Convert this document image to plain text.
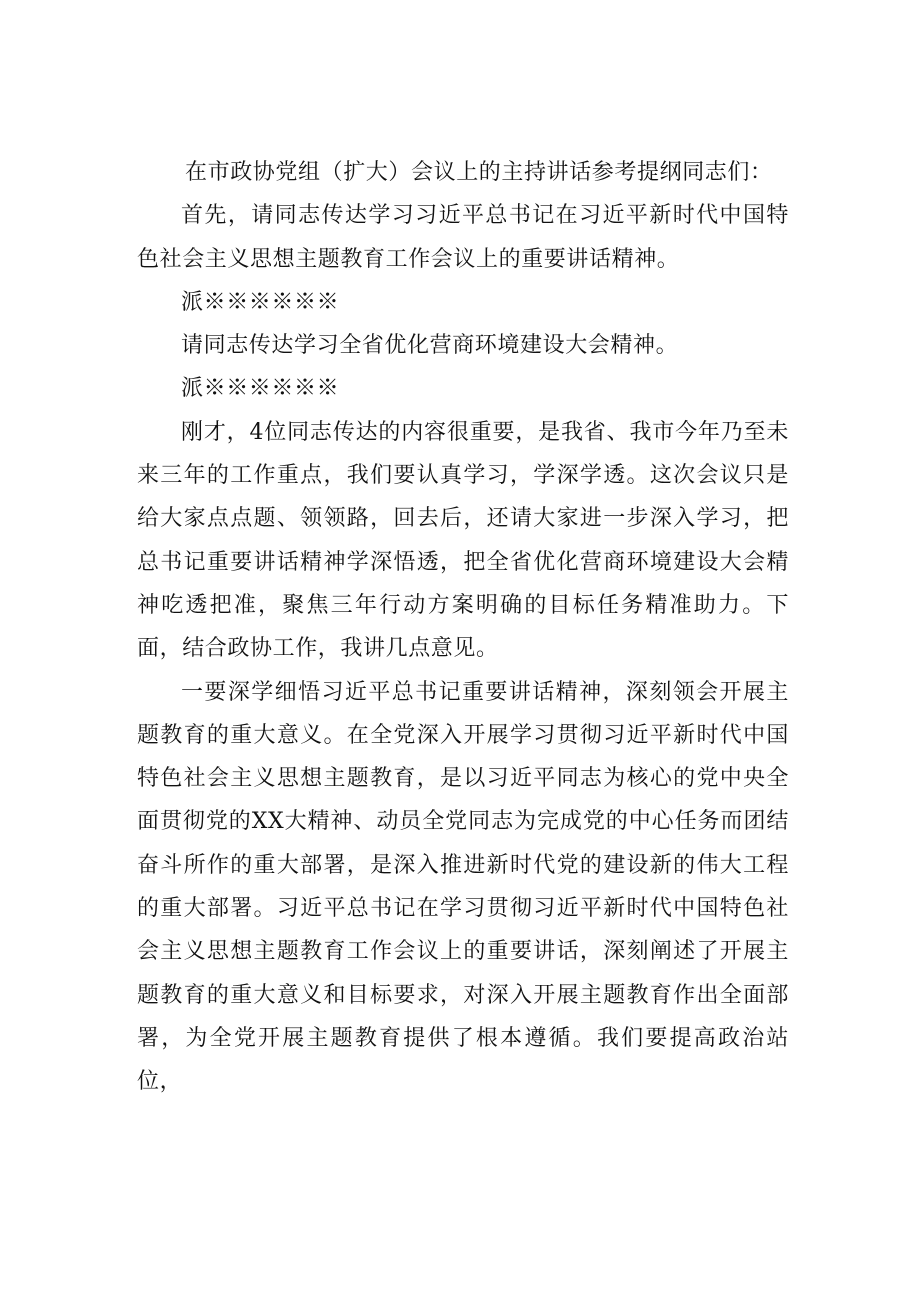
在市政协党组（扩大）会议上的主持讲话参考提纲同志们：

首先，请同志传达学习习近平总书记在习近平新时代中国特色社会主义思想主题教育工作会议上的重要讲话精神。

派※※※※※※

请同志传达学习全省优化营商环境建设大会精神。

派※※※※※※

刚才，4位同志传达的内容很重要，是我省、我市今年乃至未来三年的工作重点，我们要认真学习，学深学透。这次会议只是给大家点点题、领领路，回去后，还请大家进一步深入学习，把总书记重要讲话精神学深悟透，把全省优化营商环境建设大会精神吃透把准，聚焦三年行动方案明确的目标任务精准助力。下面，结合政协工作，我讲几点意见。

一要深学细悟习近平总书记重要讲话精神，深刻领会开展主题教育的重大意义。在全党深入开展学习贯彻习近平新时代中国特色社会主义思想主题教育，是以习近平同志为核心的党中央全面贯彻党的XX大精神、动员全党同志为完成党的中心任务而团结奋斗所作的重大部署，是深入推进新时代党的建设新的伟大工程的重大部署。习近平总书记在学习贯彻习近平新时代中国特色社会主义思想主题教育工作会议上的重要讲话，深刻阐述了开展主题教育的重大意义和目标要求，对深入开展主题教育作出全面部署，为全党开展主题教育提供了根本遵循。我们要提高政治站位，
